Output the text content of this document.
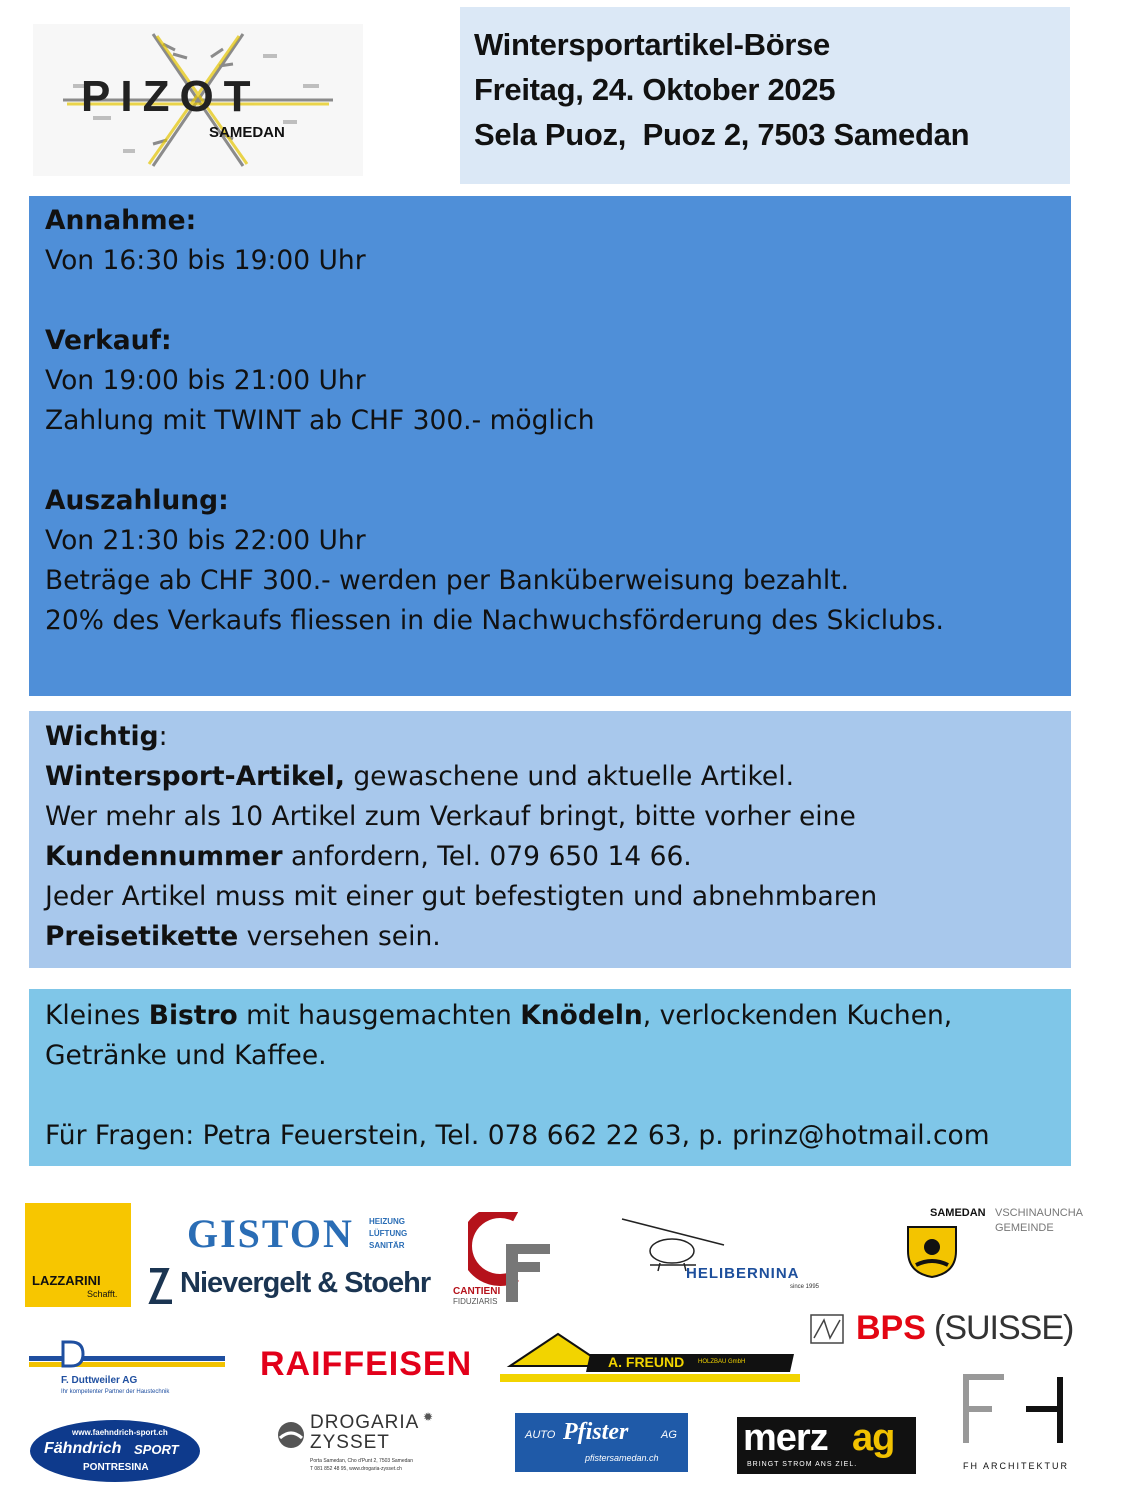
PIZOT
SAMEDAN
Wintersportartikel-Börse
Freitag, 24. Oktober 2025
Sela Puoz,  Puoz 2, 7503 Samedan

Annahme:

Von 16:30 bis 19:00 Uhr

Verkauf:

Von 19:00 bis 21:00 Uhr

Zahlung mit TWINT ab CHF 300.- möglich

Auszahlung:

Von 21:30 bis 22:00 Uhr

Beträge ab CHF 300.- werden per Banküberweisung bezahlt.

20% des Verkaufs fliessen in die Nachwuchsförderung des Skiclubs.

Wichtig:

Wintersport-Artikel, gewaschene und aktuelle Artikel.

Wer mehr als 10 Artikel zum Verkauf bringt, bitte vorher eine

Kundennummer anfordern, Tel. 079 650 14 66.

Jeder Artikel muss mit einer gut befestigten und abnehmbaren

Preisetikette versehen sein.

Kleines Bistro mit hausgemachten Knödeln, verlockenden Kuchen,

Getränke und Kaffee.

Für Fragen: Petra Feuerstein, Tel. 078 662 22 63, p. prinz@hotmail.com

LAZZARINI
Schafft.
GISTON HEIZUNG
LÜFTUNG
SANITÄR
Nievergelt & Stoehr CANTIENI
FIDUZIARIS
HELIBERNINA
since 1995
SAMEDAN VSCHINAUNCHA
GEMEINDE
BPS (SUISSE)
F. Duttweiler AG
Ihr kompetenter Partner der Haustechnik
RAIFFEISEN	A. FREUND HOLZBAU GmbH
www.faehndrich-sport.ch
Fähndrich SPORT
PONTRESINA
DROGARIA
ZYSSET
✹
Porta Samedan, Cho d'Punt 2, 7503 Samedan
T 081 852 48 95, www.drogaria-zysset.ch
AUTO Pfister	AG
pfistersamedan.ch merz ag
BRINGT STROM ANS ZIEL.	FH ARCHITEKTUR
